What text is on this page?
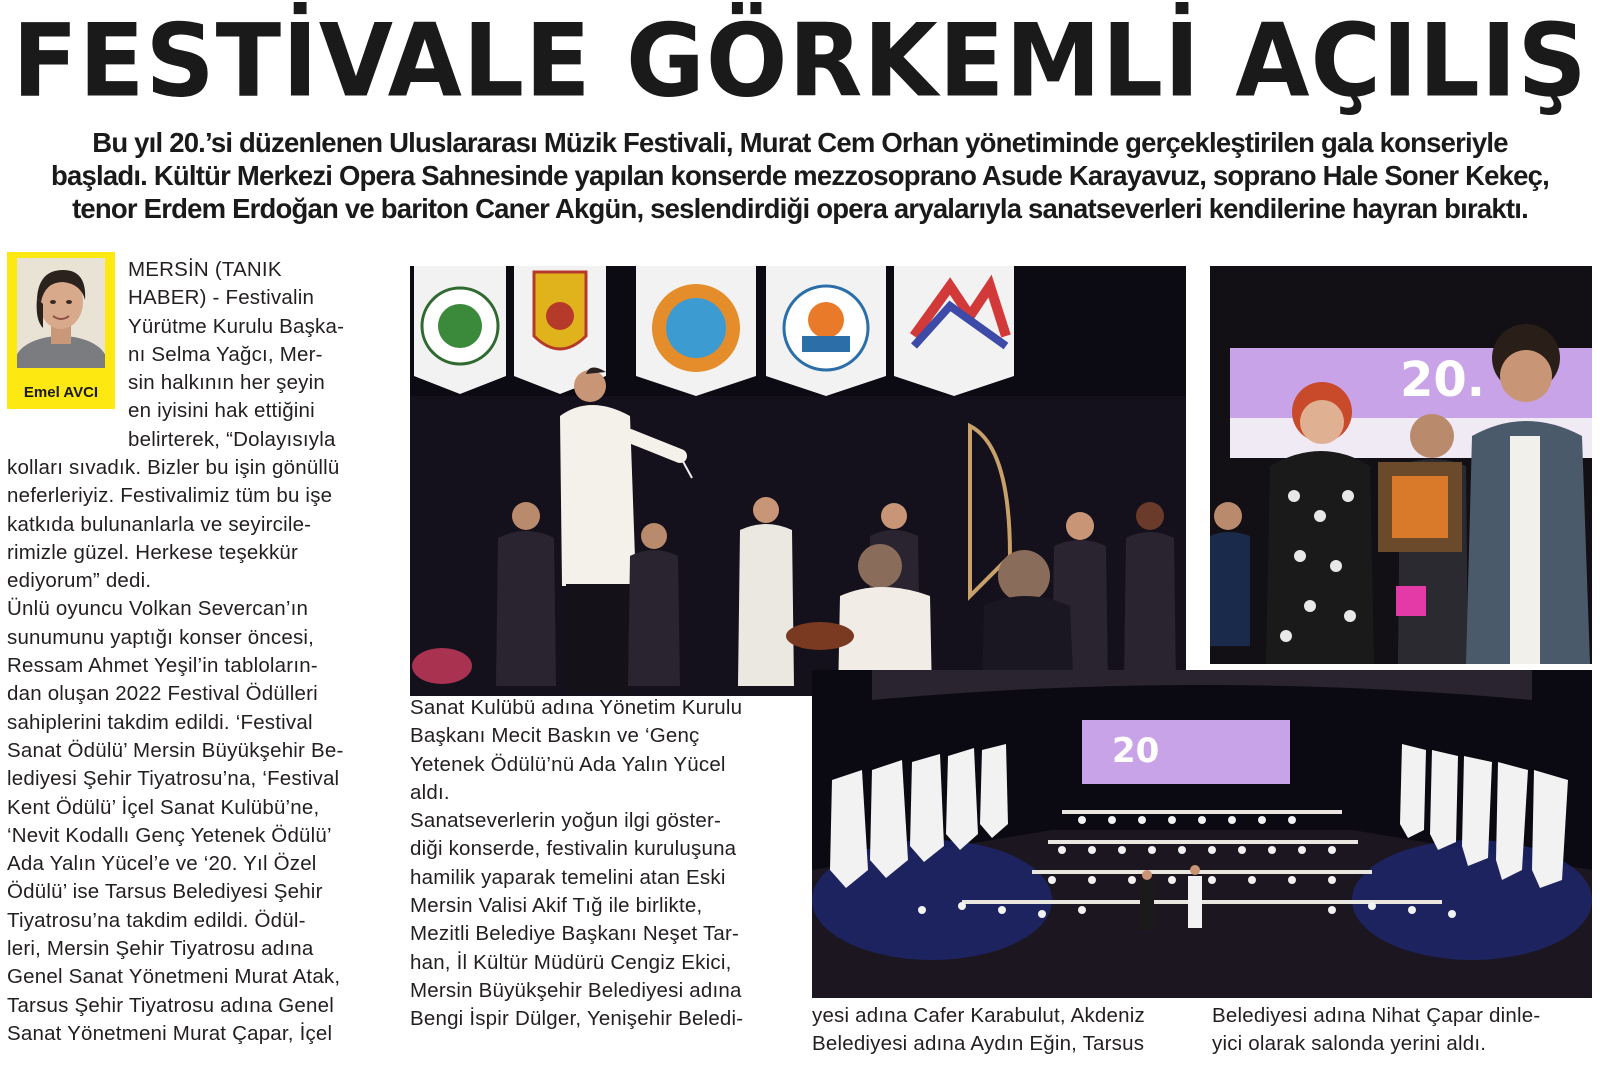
FESTİVALE GÖRKEMLİ AÇILIŞ
Bu yıl 20.’si düzenlenen Uluslararası Müzik Festivali, Murat Cem Orhan yönetiminde gerçekleştirilen gala konseriyle
başladı. Kültür Merkezi Opera Sahnesinde yapılan konserde mezzosoprano Asude Karayavuz, soprano Hale Soner Kekeç,
tenor Erdem Erdoğan ve bariton Caner Akgün, seslendirdiği opera aryalarıyla sanatseverleri kendilerine hayran bıraktı.
Emel AVCI
MERSİN (TANIK
HABER) - Festivalin
Yürütme Kurulu Başka-
nı Selma Yağcı, Mer-
sin halkının her şeyin
en iyisini hak ettiğini
belirterek, “Dolayısıyla
kolları sıvadık. Bizler bu işin gönüllü
neferleriyiz. Festivalimiz tüm bu işe
katkıda bulunanlarla ve seyircile-
rimizle güzel. Herkese teşekkür
ediyorum” dedi.
Ünlü oyuncu Volkan Severcan’ın
sunumunu yaptığı konser öncesi,
Ressam Ahmet Yeşil’in tabloların-
dan oluşan 2022 Festival Ödülleri
sahiplerini takdim edildi. ‘Festival
Sanat Ödülü’ Mersin Büyükşehir Be-
lediyesi Şehir Tiyatrosu’na, ‘Festival
Kent Ödülü’ İçel Sanat Kulübü’ne,
‘Nevit Kodallı Genç Yetenek Ödülü’
Ada Yalın Yücel’e ve ‘20. Yıl Özel
Ödülü’ ise Tarsus Belediyesi Şehir
Tiyatrosu’na takdim edildi. Ödül-
leri, Mersin Şehir Tiyatrosu adına
Genel Sanat Yönetmeni Murat Atak,
Tarsus Şehir Tiyatrosu adına Genel
Sanat Yönetmeni Murat Çapar, İçel
20.
20
Sanat Kulübü adına Yönetim Kurulu
Başkanı Mecit Baskın ve ‘Genç
Yetenek Ödülü’nü Ada Yalın Yücel
aldı.
Sanatseverlerin yoğun ilgi göster-
diği konserde, festivalin kuruluşuna
hamilik yaparak temelini atan Eski
Mersin Valisi Akif Tığ ile birlikte,
Mezitli Belediye Başkanı Neşet Tar-
han, İl Kültür Müdürü Cengiz Ekici,
Mersin Büyükşehir Belediyesi adına
Bengi İspir Dülger, Yenişehir Beledi-	yesi adına Cafer Karabulut, Akdeniz
Belediyesi adına Aydın Eğin, Tarsus
Belediyesi adına Nihat Çapar dinle-
yici olarak salonda yerini aldı.
